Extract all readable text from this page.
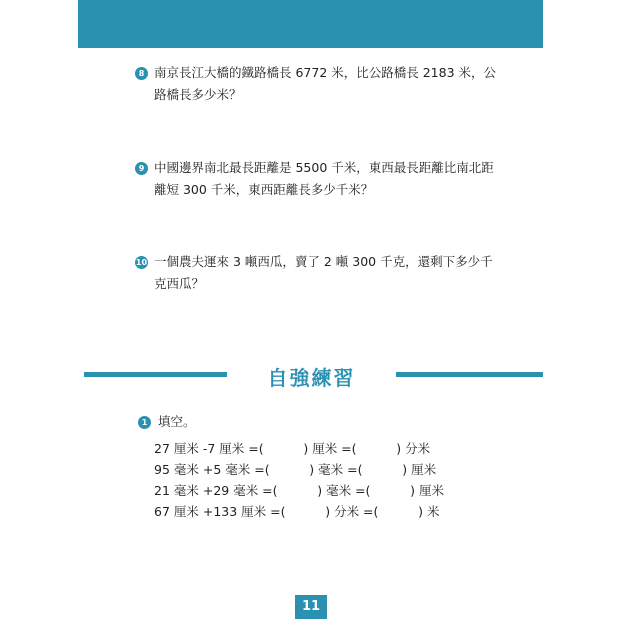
8 南京長江大橋的鐵路橋長 6772 米，比公路橋長 2183 米，公路橋長多少米？
9 中國邊界南北最長距離是 5500 千米，東西最長距離比南北距離短 300 千米，東西距離長多少千米？
10 一個農夫運來 3 噸西瓜，賣了 2 噸 300 千克，還剩下多少千克西瓜？
自強練習
1 填空。
27 厘米 -7 厘米 =(          ) 厘米 =(          ) 分米
95 毫米 +5 毫米 =(          ) 毫米 =(          ) 厘米
21 毫米 +29 毫米 =(          ) 毫米 =(          ) 厘米
67 厘米 +133 厘米 =(          ) 分米 =(          ) 米
11
